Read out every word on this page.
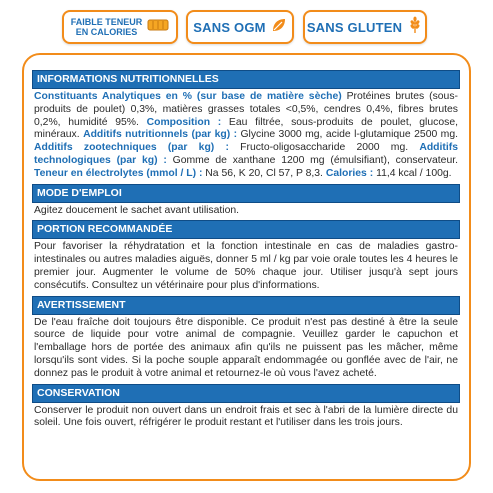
FAIBLE TENEUR
EN CALORIES	SANS OGM	SANS GLUTEN
INFORMATIONS NUTRITIONNELLES
Constituants Analytiques en % (sur base de matière sèche) Protéines brutes (sous-produits de poulet) 0,3%, matières grasses totales <0,5%, cendres 0,4%, fibres brutes 0,2%, humidité 95%. Composition : Eau filtrée, sous-produits de poulet, glucose, minéraux. Additifs nutritionnels (par kg) : Glycine 3000 mg, acide l-glutamique 2500 mg. Additifs zootechniques (par kg) : Fructo-oligosaccharide 2000 mg. Additifs technologiques (par kg) : Gomme de xanthane 1200 mg (émulsifiant), conservateur. Teneur en électrolytes (mmol / L) : Na 56, K 20, Cl 57, P 8,3. Calories : 11,4 kcal / 100g.
MODE D'EMPLOI
Agitez doucement le sachet avant utilisation.
PORTION RECOMMANDÉE
Pour favoriser la réhydratation et la fonction intestinale en cas de maladies gastro-intestinales ou autres maladies aiguës, donner 5 ml / kg par voie orale toutes les 4 heures le premier jour. Augmenter le volume de 50% chaque jour. Utiliser jusqu'à sept jours consécutifs. Consultez un vétérinaire pour plus d'informations.
AVERTISSEMENT
De l'eau fraîche doit toujours être disponible. Ce produit n'est pas destiné à être la seule source de liquide pour votre animal de compagnie. Veuillez garder le capuchon et l'emballage hors de portée des animaux afin qu'ils ne puissent pas les mâcher, même lorsqu'ils sont vides. Si la poche souple apparaît endommagée ou gonflée avec de l'air, ne donnez pas le produit à votre animal et retournez-le où vous l'avez acheté.
CONSERVATION
Conserver le produit non ouvert dans un endroit frais et sec à l'abri de la lumière directe du soleil. Une fois ouvert, réfrigérer le produit restant et l'utiliser dans les trois jours.
